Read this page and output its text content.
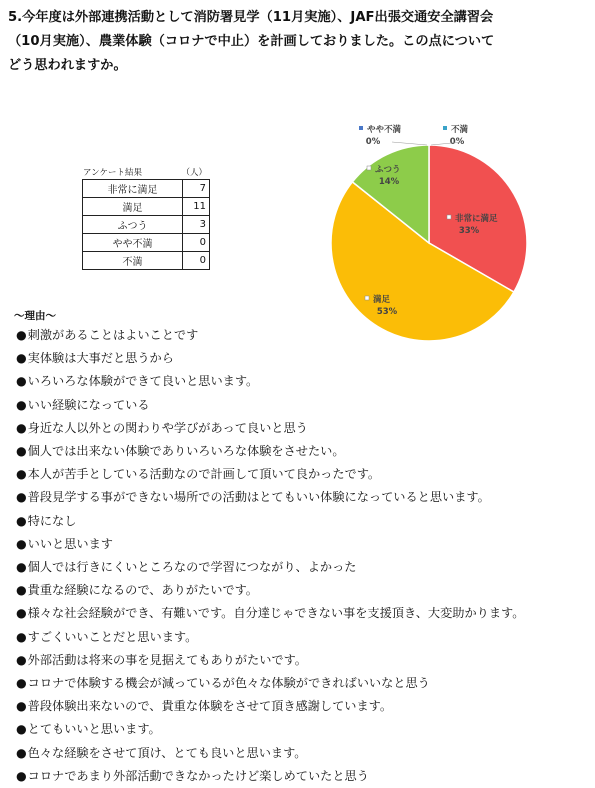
5.今年度は外部連携活動として消防署見学（11月実施）、JAF出張交通安全講習会
（10月実施）、農業体験（コロナで中止）を計画しておりました。この点について
どう思われますか。
アンケート結果	（人）
非常に満足	7
満足	11
ふつう	3
やや不満	0
不満	0
非常に満足
33%
満足
53%
ふつう
14%
やや不満
0%
不満
0%
〜理由〜
●刺激があることはよいことです
●実体験は大事だと思うから
●いろいろな体験ができて良いと思います。
●いい経験になっている
●身近な人以外との関わりや学びがあって良いと思う
●個人では出来ない体験でありいろいろな体験をさせたい。
●本人が苦手としている活動なので計画して頂いて良かったです。
●普段見学する事ができない場所での活動はとてもいい体験になっていると思います。
●特になし
●いいと思います
●個人では行きにくいところなので学習につながり、よかった
●貴重な経験になるので、ありがたいです。
●様々な社会経験ができ、有難いです。自分達じゃできない事を支援頂き、大変助かります。
●すごくいいことだと思います。
●外部活動は将来の事を見据えてもありがたいです。
●コロナで体験する機会が減っているが色々な体験ができればいいなと思う
●普段体験出来ないので、貴重な体験をさせて頂き感謝しています。
●とてもいいと思います。
●色々な経験をさせて頂け、とても良いと思います。
●コロナであまり外部活動できなかったけど楽しめていたと思う
